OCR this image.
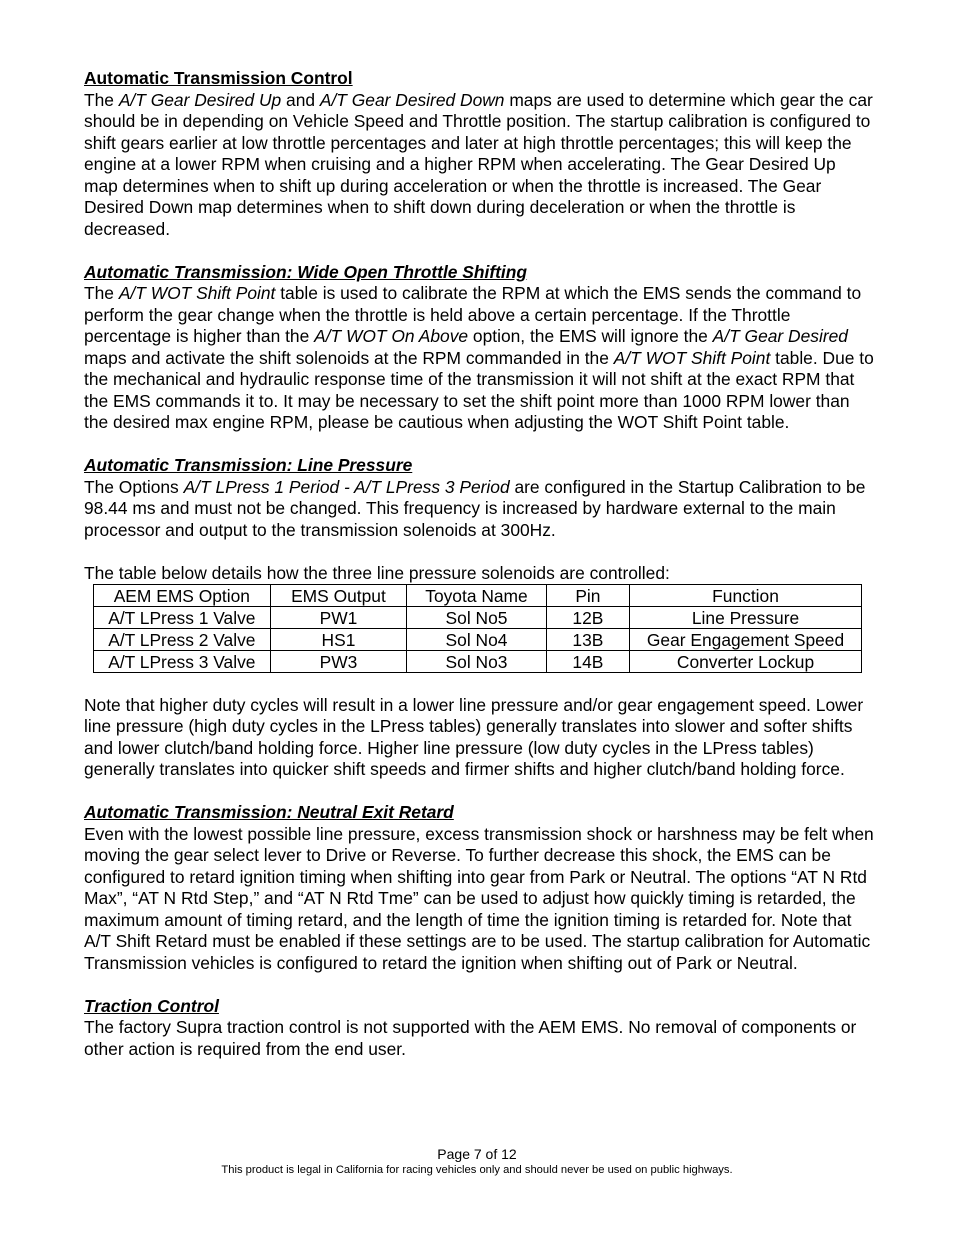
Automatic Transmission Control

The A/T Gear Desired Up and A/T Gear Desired Down maps are used to determine which gear the car should be in depending on Vehicle Speed and Throttle position. The startup calibration is configured to shift gears earlier at low throttle percentages and later at high throttle percentages; this will keep the engine at a lower RPM when cruising and a higher RPM when accelerating. The Gear Desired Up map determines when to shift up during acceleration or when the throttle is increased. The Gear Desired Down map determines when to shift down during deceleration or when the throttle is decreased.

Automatic Transmission: Wide Open Throttle Shifting

The A/T WOT Shift Point table is used to calibrate the RPM at which the EMS sends the command to perform the gear change when the throttle is held above a certain percentage. If the Throttle percentage is higher than the A/T WOT On Above option, the EMS will ignore the A/T Gear Desired maps and activate the shift solenoids at the RPM commanded in the A/T WOT Shift Point table. Due to the mechanical and hydraulic response time of the transmission it will not shift at the exact RPM that the EMS commands it to. It may be necessary to set the shift point more than 1000 RPM lower than the desired max engine RPM, please be cautious when adjusting the WOT Shift Point table.

Automatic Transmission: Line Pressure

The Options A/T LPress 1 Period - A/T LPress 3 Period are configured in the Startup Calibration to be 98.44 ms and must not be changed. This frequency is increased by hardware external to the main processor and output to the transmission solenoids at 300Hz.

The table below details how the three line pressure solenoids are controlled:

AEM EMS Option	EMS Output	Toyota Name	Pin	Function
A/T LPress 1 Valve	PW1	Sol No5	12B	Line Pressure
A/T LPress 2 Valve	HS1	Sol No4	13B	Gear Engagement Speed
A/T LPress 3 Valve	PW3	Sol No3	14B	Converter Lockup

Note that higher duty cycles will result in a lower line pressure and/or gear engagement speed. Lower line pressure (high duty cycles in the LPress tables) generally translates into slower and softer shifts and lower clutch/band holding force. Higher line pressure (low duty cycles in the LPress tables) generally translates into quicker shift speeds and firmer shifts and higher clutch/band holding force.

Automatic Transmission: Neutral Exit Retard

Even with the lowest possible line pressure, excess transmission shock or harshness may be felt when moving the gear select lever to Drive or Reverse. To further decrease this shock, the EMS can be configured to retard ignition timing when shifting into gear from Park or Neutral. The options “AT N Rtd Max”, “AT N Rtd Step,” and “AT N Rtd Tme” can be used to adjust how quickly timing is retarded, the maximum amount of timing retard, and the length of time the ignition timing is retarded for. Note that A/T Shift Retard must be enabled if these settings are to be used. The startup calibration for Automatic Transmission vehicles is configured to retard the ignition when shifting out of Park or Neutral.

Traction Control

The factory Supra traction control is not supported with the AEM EMS. No removal of components or other action is required from the end user.

Page 7 of 12
This product is legal in California for racing vehicles only and should never be used on public highways.
